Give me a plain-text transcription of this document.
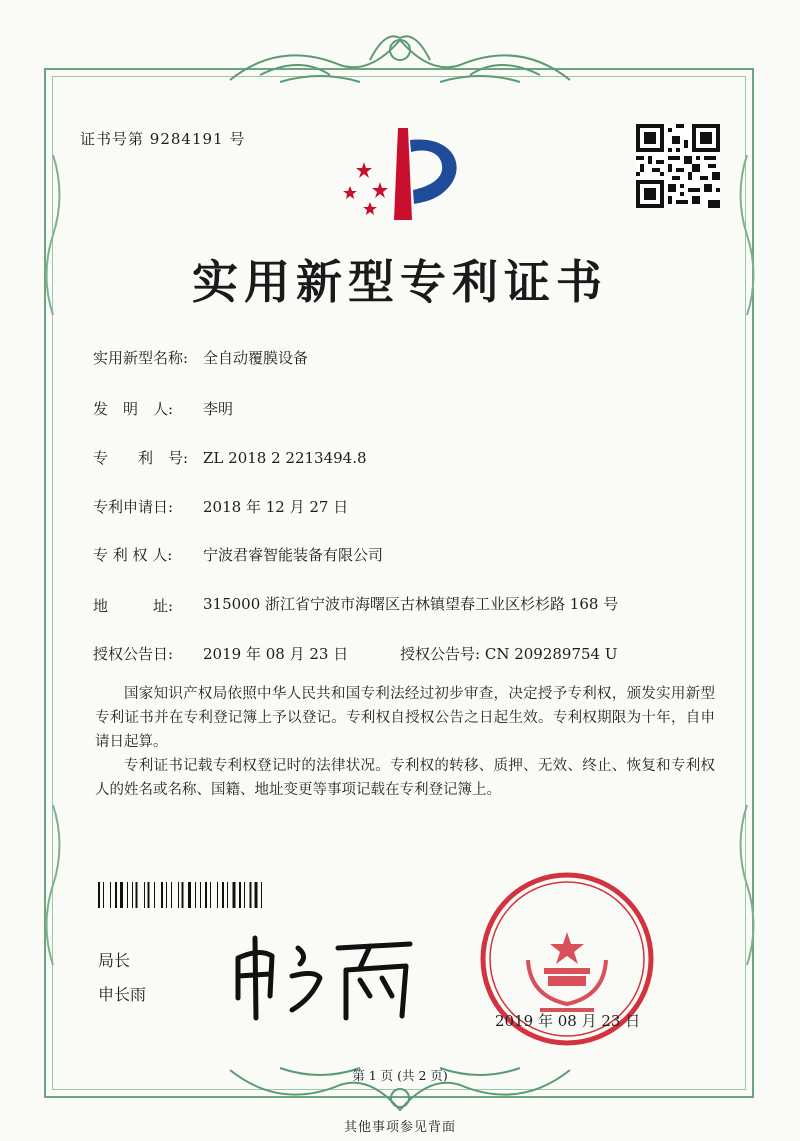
证书号第 9284191 号
实用新型专利证书
实用新型名称: 全自动覆膜设备
发　明　人: 李明
专　　利　号: ZL 2018 2 2213494.8
专利申请日: 2018 年 12 月 27 日
专 利 权 人: 宁波君睿智能装备有限公司
地　　　址: 315000 浙江省宁波市海曙区古林镇望春工业区杉杉路 168 号
授权公告日: 2019 年 08 月 23 日	授权公告号: CN 209289754 U
国家知识产权局依照中华人民共和国专利法经过初步审查，决定授予专利权，颁发实用新型专利证书并在专利登记簿上予以登记。专利权自授权公告之日起生效。专利权期限为十年，自申请日起算。
专利证书记载专利权登记时的法律状况。专利权的转移、质押、无效、终止、恢复和专利权人的姓名或名称、国籍、地址变更等事项记载在专利登记簿上。
局长
申长雨
2019 年 08 月 23 日
第 1 页 (共 2 页)
其他事项参见背面
